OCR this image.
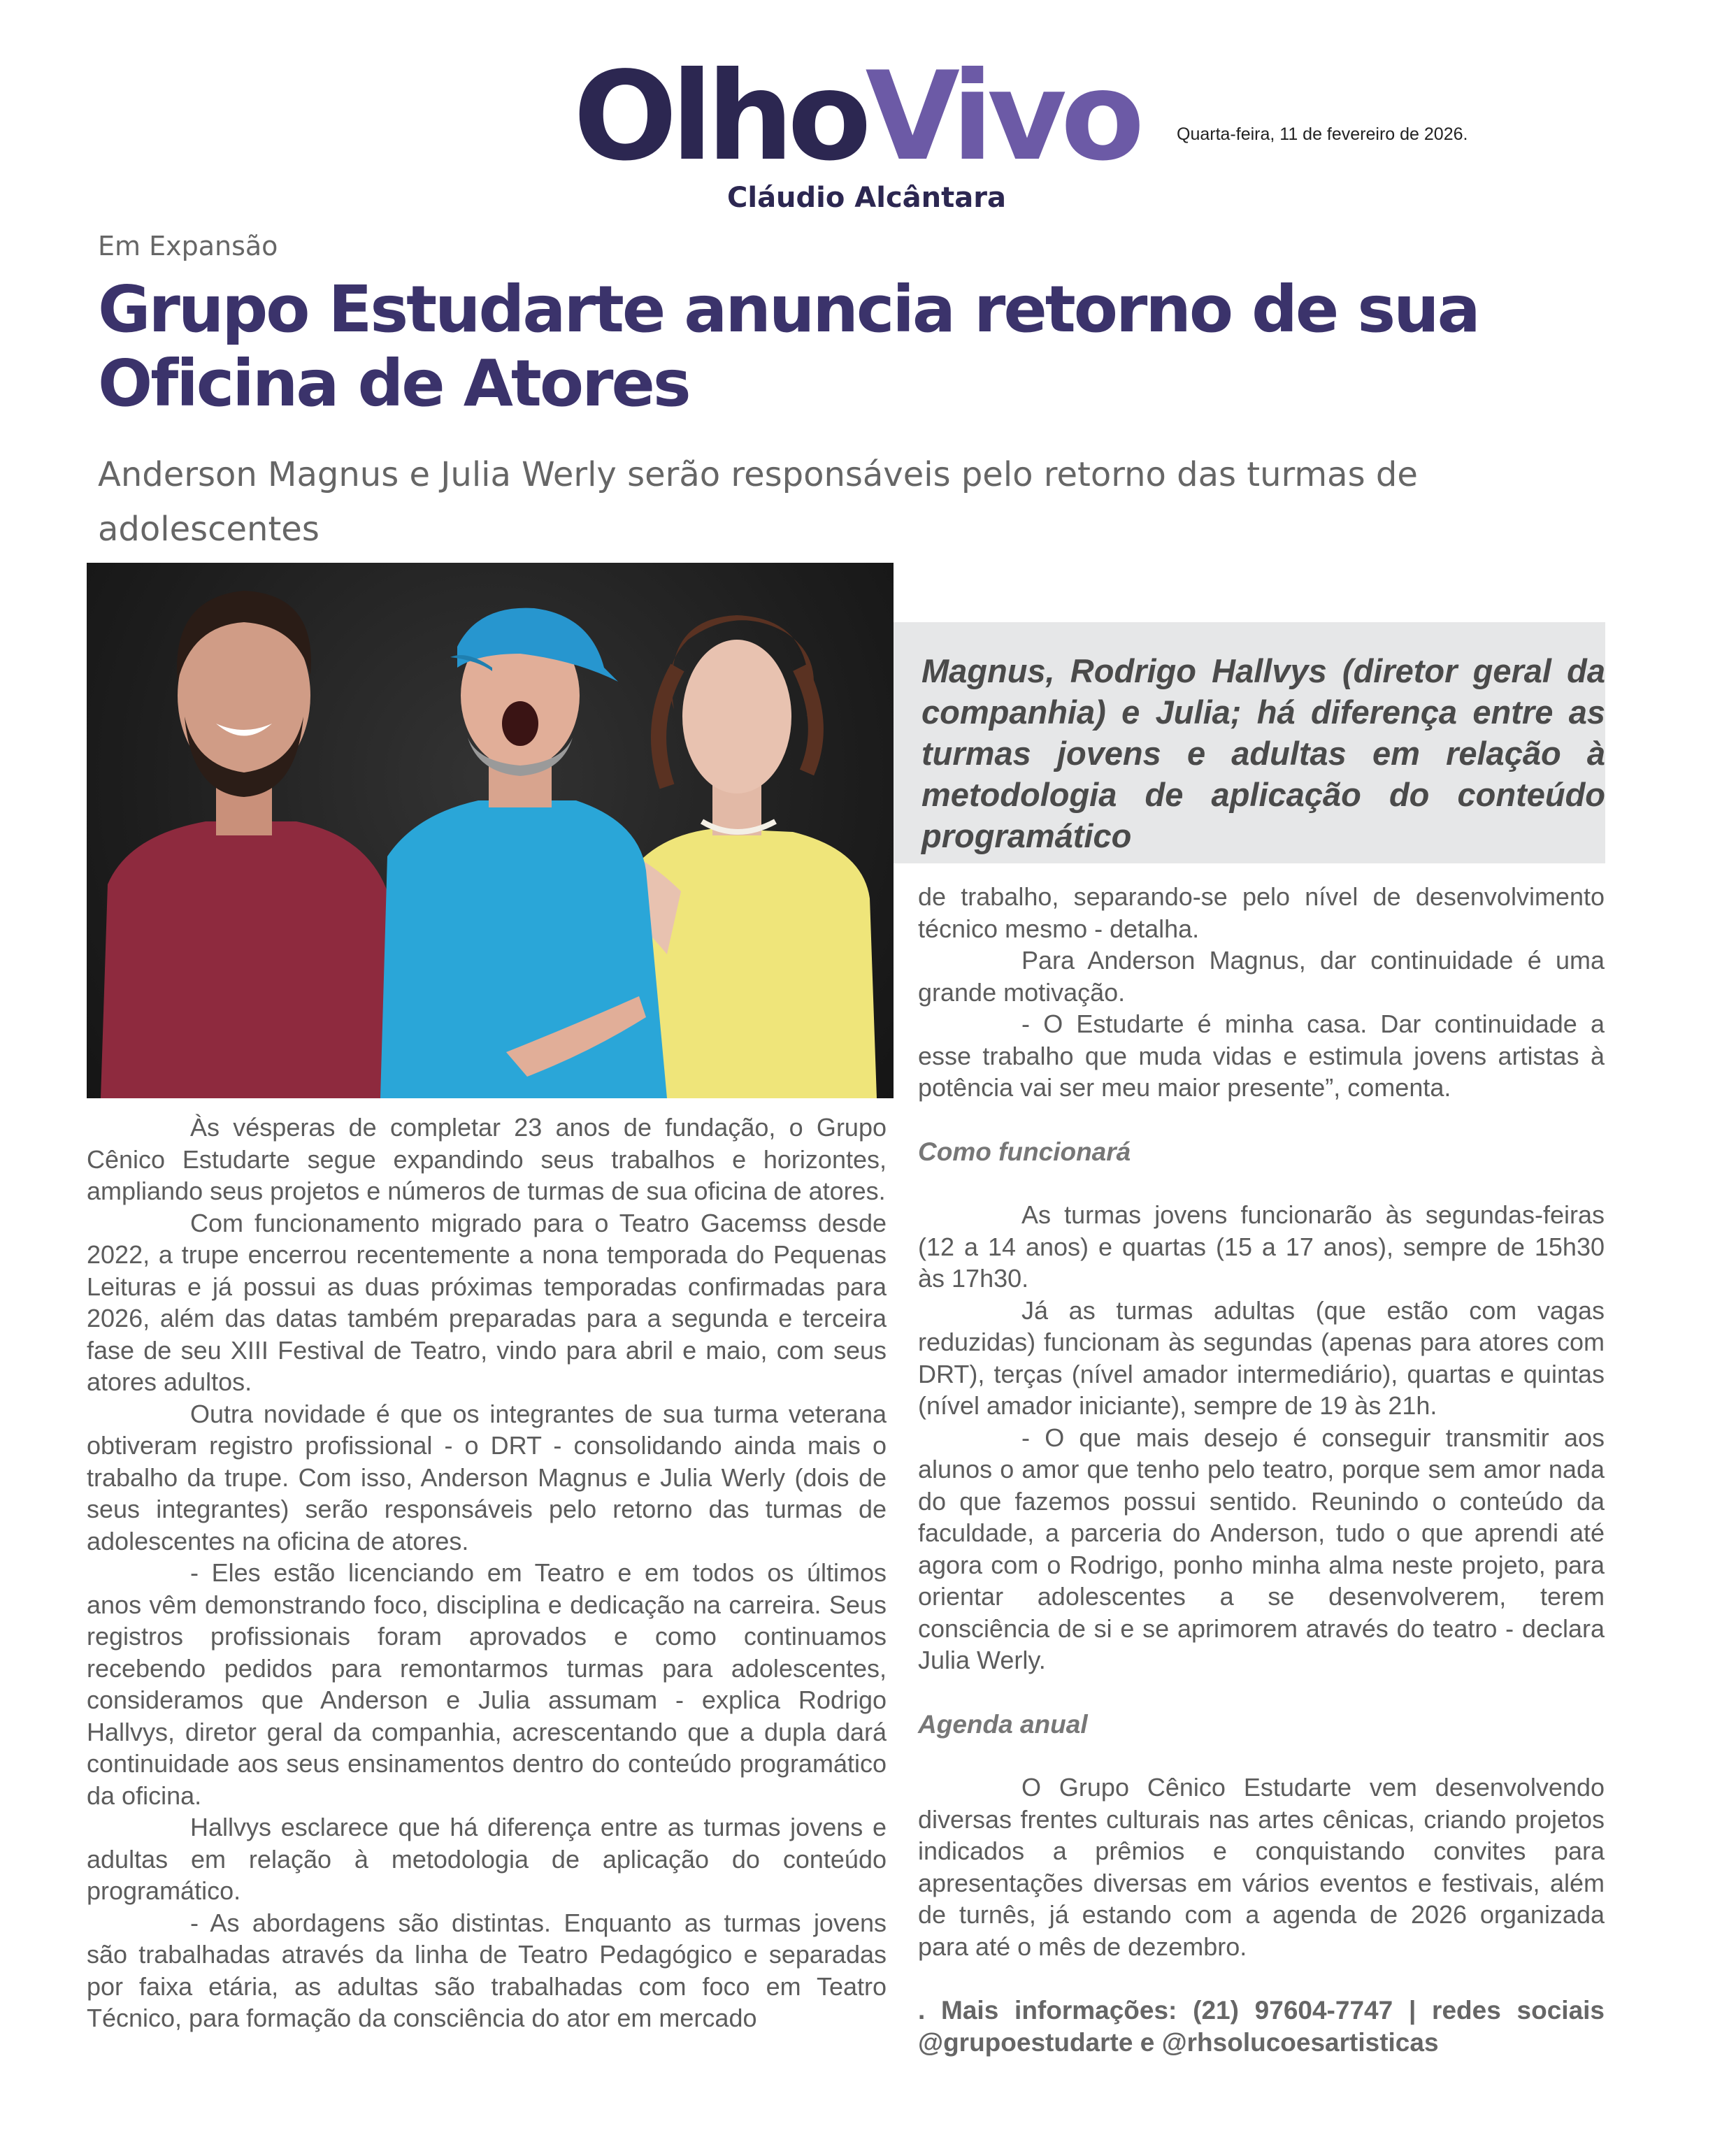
OlhoVivo
Cláudio Alcântara
Quarta-feira, 11 de fevereiro de 2026.
Em Expansão
Grupo Estudarte anuncia retorno de sua Oficina de Atores

Anderson Magnus e Julia Werly serão responsáveis pelo retorno das turmas de adolescentes

Magnus, Rodrigo Hallvys (diretor geral da companhia) e Julia; há diferença entre as turmas jovens e adultas em relação à metodologia de aplicação do conteúdo programático

Às vésperas de completar 23 anos de fundação, o Grupo Cênico Estudarte segue expandindo seus trabalhos e horizontes, ampliando seus projetos e números de turmas de sua oficina de atores.

Com funcionamento migrado para o Teatro Gacemss desde 2022, a trupe encerrou recentemente a nona temporada do Pequenas Leituras e já possui as duas próximas temporadas confirmadas para 2026, além das datas também preparadas para a segunda e terceira fase de seu XIII Festival de Teatro, vindo para abril e maio, com seus atores adultos.

Outra novidade é que os integrantes de sua turma veterana obtiveram registro profissional - o DRT - consolidando ainda mais o trabalho da trupe. Com isso, Anderson Magnus e Julia Werly (dois de seus integrantes) serão responsáveis pelo retorno das turmas de adolescentes na oficina de atores.

- Eles estão licenciando em Teatro e em todos os últimos anos vêm demonstrando foco, disciplina e dedicação na carreira. Seus registros profissionais foram aprovados e como continuamos recebendo pedidos para remontarmos turmas para adolescentes, consideramos que Anderson e Julia assumam - explica Rodrigo Hallvys, diretor geral da companhia, acrescentando que a dupla dará continuidade aos seus ensinamentos dentro do conteúdo programático da oficina.

Hallvys esclarece que há diferença entre as turmas jovens e adultas em relação à metodologia de aplicação do conteúdo programático.

- As abordagens são distintas. Enquanto as turmas jovens são trabalhadas através da linha de Teatro Pedagógico e separadas por faixa etária, as adultas são trabalhadas com foco em Teatro Técnico, para formação da consciência do ator em mercado

de trabalho, separando-se pelo nível de desenvolvimento técnico mesmo - detalha.

Para Anderson Magnus, dar continuidade é uma grande motivação.

- O Estudarte é minha casa. Dar continuidade a esse trabalho que muda vidas e estimula jovens artistas à potência vai ser meu maior presente”, comenta.

Como funcionará

As turmas jovens funcionarão às segundas-feiras (12 a 14 anos) e quartas (15 a 17 anos), sempre de 15h30 às 17h30.

Já as turmas adultas (que estão com vagas reduzidas) funcionam às segundas (apenas para atores com DRT), terças (nível amador intermediário), quartas e quintas (nível amador iniciante), sempre de 19 às 21h.

- O que mais desejo é conseguir transmitir aos alunos o amor que tenho pelo teatro, porque sem amor nada do que fazemos possui sentido. Reunindo o conteúdo da faculdade, a parceria do Anderson, tudo o que aprendi até agora com o Rodrigo, ponho minha alma neste projeto, para orientar adolescentes a se desenvolverem, terem consciência de si e se aprimorem através do teatro - declara Julia Werly.

Agenda anual

O Grupo Cênico Estudarte vem desenvolvendo diversas frentes culturais nas artes cênicas, criando projetos indicados a prêmios e conquistando convites para apresentações diversas em vários eventos e festivais, além de turnês, já estando com a agenda de 2026 organizada para até o mês de dezembro.

. Mais informações: (21) 97604-7747 | redes sociais @grupoestudarte e @rhsolucoesartisticas
